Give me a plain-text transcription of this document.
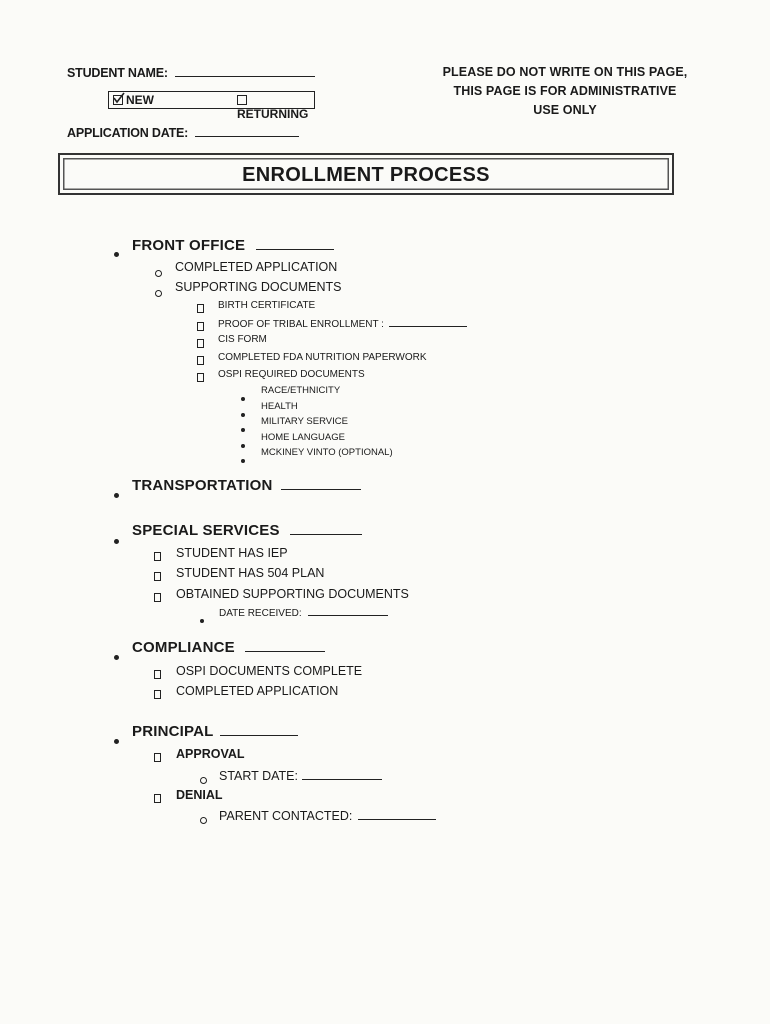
STUDENT NAME:
NEW
RETURNING
APPLICATION DATE:
PLEASE DO NOT WRITE ON THIS PAGE,
THIS PAGE IS FOR ADMINISTRATIVE
USE ONLY
ENROLLMENT PROCESS
FRONT OFFICE
COMPLETED APPLICATION
SUPPORTING DOCUMENTS
BIRTH CERTIFICATE
PROOF OF TRIBAL ENROLLMENT :
CIS FORM
COMPLETED FDA NUTRITION PAPERWORK
OSPI REQUIRED DOCUMENTS
RACE/ETHNICITY
HEALTH
MILITARY SERVICE
HOME LANGUAGE
MCKINEY VINTO (OPTIONAL)
TRANSPORTATION
SPECIAL SERVICES
STUDENT HAS IEP
STUDENT HAS 504 PLAN
OBTAINED SUPPORTING DOCUMENTS
DATE RECEIVED:
COMPLIANCE
OSPI DOCUMENTS COMPLETE
COMPLETED APPLICATION
PRINCIPAL
APPROVAL
START DATE:
DENIAL
PARENT CONTACTED:
